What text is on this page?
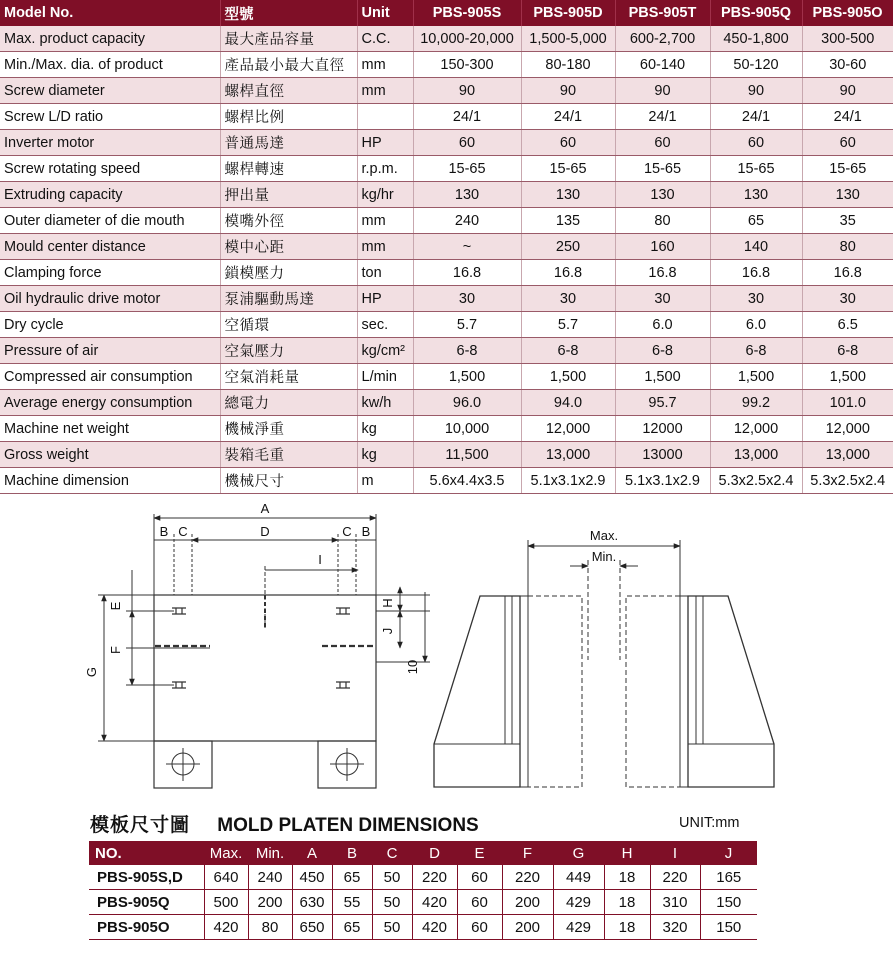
Model No.	型號	Unit	PBS-905S	PBS-905D	PBS-905T	PBS-905Q	PBS-905O
Max. product capacity	最大產品容量	C.C.	10,000-20,000	1,500-5,000	600-2,700	450-1,800	300-500
Min./Max. dia. of product	產品最小最大直徑	mm	150-300	80-180	60-140	50-120	30-60
Screw diameter	螺桿直徑	mm	90	90	90	90	90
Screw L/D ratio	螺桿比例		24/1	24/1	24/1	24/1	24/1
Inverter motor	普通馬達	HP	60	60	60	60	60
Screw rotating speed	螺桿轉速	r.p.m.	15-65	15-65	15-65	15-65	15-65
Extruding capacity	押出量	kg/hr	130	130	130	130	130
Outer diameter of die mouth	模嘴外徑	mm	240	135	80	65	35
Mould center distance	模中心距	mm	~	250	160	140	80
Clamping force	鎖模壓力	ton	16.8	16.8	16.8	16.8	16.8
Oil hydraulic drive motor	泵浦驅動馬達	HP	30	30	30	30	30
Dry cycle	空循環	sec.	5.7	5.7	6.0	6.0	6.5
Pressure of air	空氣壓力	kg/cm²	6-8	6-8	6-8	6-8	6-8
Compressed air consumption	空氣消耗量	L/min	1,500	1,500	1,500	1,500	1,500
Average energy consumption	總電力	kw/h	96.0	94.0	95.7	99.2	101.0
Machine net weight	機械淨重	kg	10,000	12,000	12000	12,000	12,000
Gross weight	裝箱毛重	kg	11,500	13,000	13000	13,000	13,000
Machine dimension	機械尺寸	m	5.6x4.4x3.5	5.1x3.1x2.9	5.1x3.1x2.9	5.3x2.5x2.4	5.3x2.5x2.4
A
B C	D	C B
I
E
F
G
H
J
10
Max.
Min.
模板尺寸圖 MOLD PLATEN DIMENSIONS	UNIT:mm
NO.	Max.	Min.	A	B	C	D	E	F	G	H	I	J
PBS-905S,D	640	240	450	65	50	220	60	220	449	18	220	165
PBS-905Q	500	200	630	55	50	420	60	200	429	18	310	150
PBS-905O	420	80	650	65	50	420	60	200	429	18	320	150
